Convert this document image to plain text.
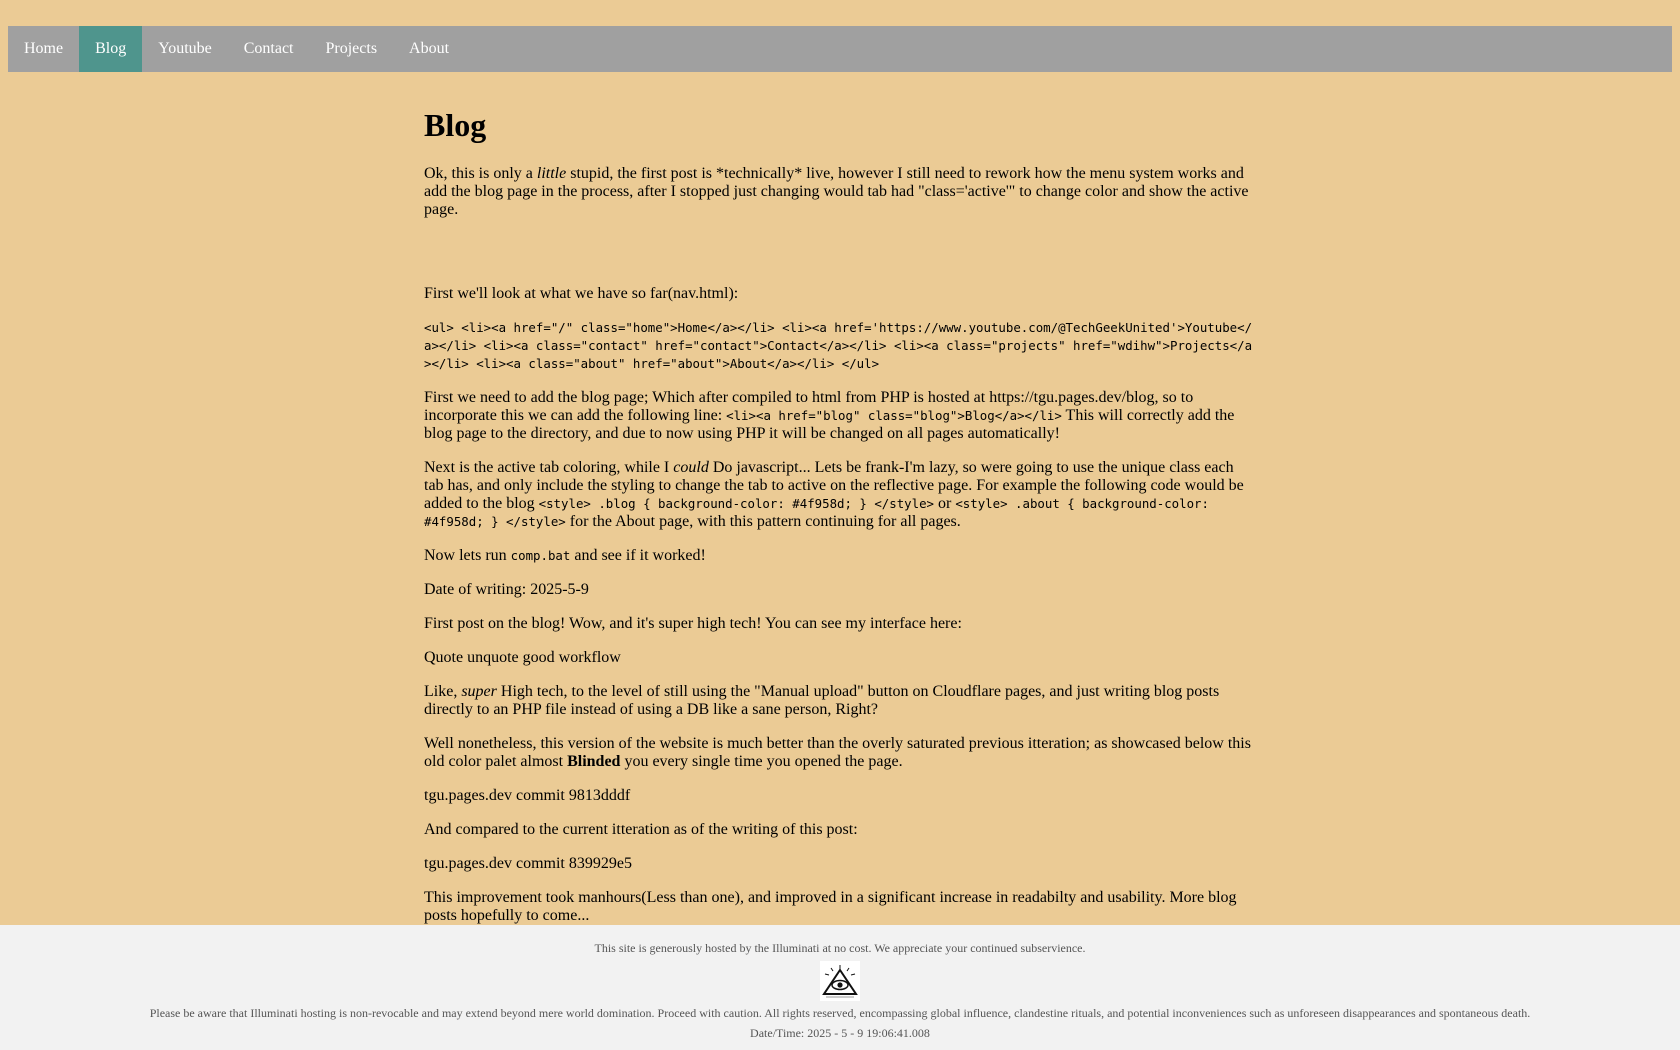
Home	Blog	Youtube	Contact	Projects	About
Blog

Ok, this is only a little stupid, the first post is *technically* live, however I still need to rework how the menu system works and add the blog page in the process, after I stopped just changing would tab had "class='active'" to change color and show the active page.

First we'll look at what we have so far(nav.html):

<ul> <li><a href="/" class="home">Home</a></li> <li><a href='https://www.youtube.com/@TechGeekUnited'>Youtube</a></li> <li><a class="contact" href="contact">Contact</a></li> <li><a class="projects" href="wdihw">Projects</a></li> <li><a class="about" href="about">About</a></li> </ul>

First we need to add the blog page; Which after compiled to html from PHP is hosted at https://tgu.pages.dev/blog, so to incorporate this we can add the following line: <li><a href="blog" class="blog">Blog</a></li> This will correctly add the blog page to the directory, and due to now using PHP it will be changed on all pages automatically!

Next is the active tab coloring, while I could Do javascript... Lets be frank-I'm lazy, so were going to use the unique class each tab has, and only include the styling to change the tab to active on the reflective page. For example the following code would be added to the blog <style> .blog { background-color: #4f958d; } </style> or <style> .about { background-color: #4f958d; } </style> for the About page, with this pattern continuing for all pages.

Now lets run comp.bat and see if it worked!

Date of writing: 2025-5-9

First post on the blog! Wow, and it's super high tech! You can see my interface here:

Quote unquote good workflow

Like, super High tech, to the level of still using the "Manual upload" button on Cloudflare pages, and just writing blog posts directly to an PHP file instead of using a DB like a sane person, Right?

Well nonetheless, this version of the website is much better than the overly saturated previous itteration; as showcased below this old color palet almost Blinded you every single time you opened the page.

tgu.pages.dev commit 9813dddf

And compared to the current itteration as of the writing of this post:

tgu.pages.dev commit 839929e5

This improvement took manhours(Less than one), and improved in a significant increase in readabilty and usability. More blog posts hopefully to come...

This site is generously hosted by the Illuminati at no cost. We appreciate your continued subservience.
Please be aware that Illuminati hosting is non-revocable and may extend beyond mere world domination. Proceed with caution. All rights reserved, encompassing global influence, clandestine rituals, and potential inconveniences such as unforeseen disappearances and spontaneous death.
Date/Time: 2025 - 5 - 9 19:06:41.008
